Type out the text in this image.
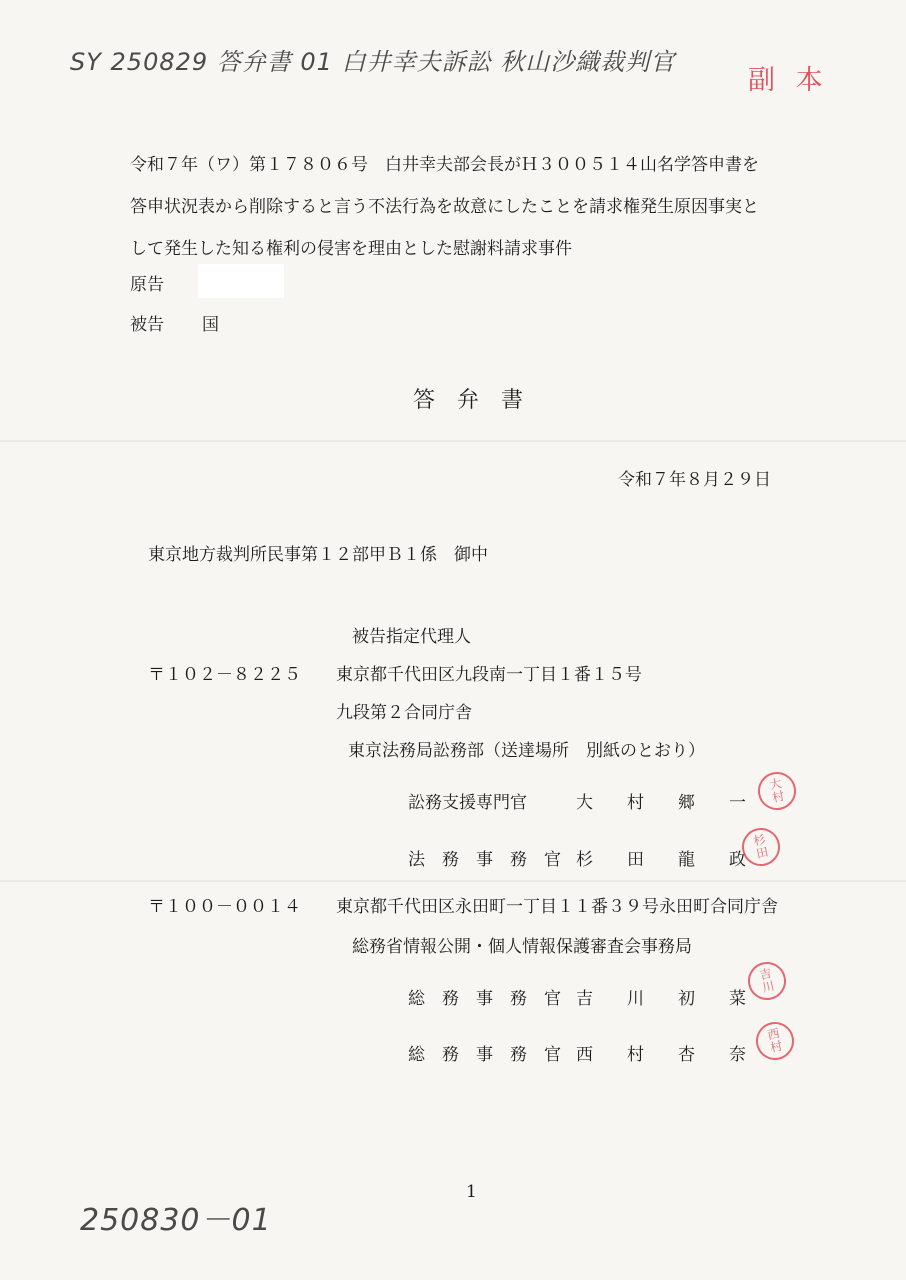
SY 250829 答弁書 01 白井幸夫訴訟 秋山沙織裁判官
副 本
令和７年（ワ）第１７８０６号　白井幸夫部会長がＨ３００５１４山名学答申書を
答申状況表から削除すると言う不法行為を故意にしたことを請求権発生原因事実と
して発生した知る権利の侵害を理由とした慰謝料請求事件
原告
被告 国
答　弁　書
令和７年８月２９日
東京地方裁判所民事第１２部甲Ｂ１係　御中
被告指定代理人
〒１０２－８２２５ 東京都千代田区九段南一丁目１番１５号
九段第２合同庁舎
東京法務局訟務部（送達場所　別紙のとおり）
訟務支援専門官	大　　村　　郷　　一
大
村
法　務　事　務　官 杉　　田　　龍　　政
杉
田
〒１００－００１４ 東京都千代田区永田町一丁目１１番３９号永田町合同庁舎
総務省情報公開・個人情報保護審査会事務局
総　務　事　務　官 吉　　川　　初　　菜
吉
川
総　務　事　務　官 西　　村　　杏　　奈
西
村
1
250830－01
